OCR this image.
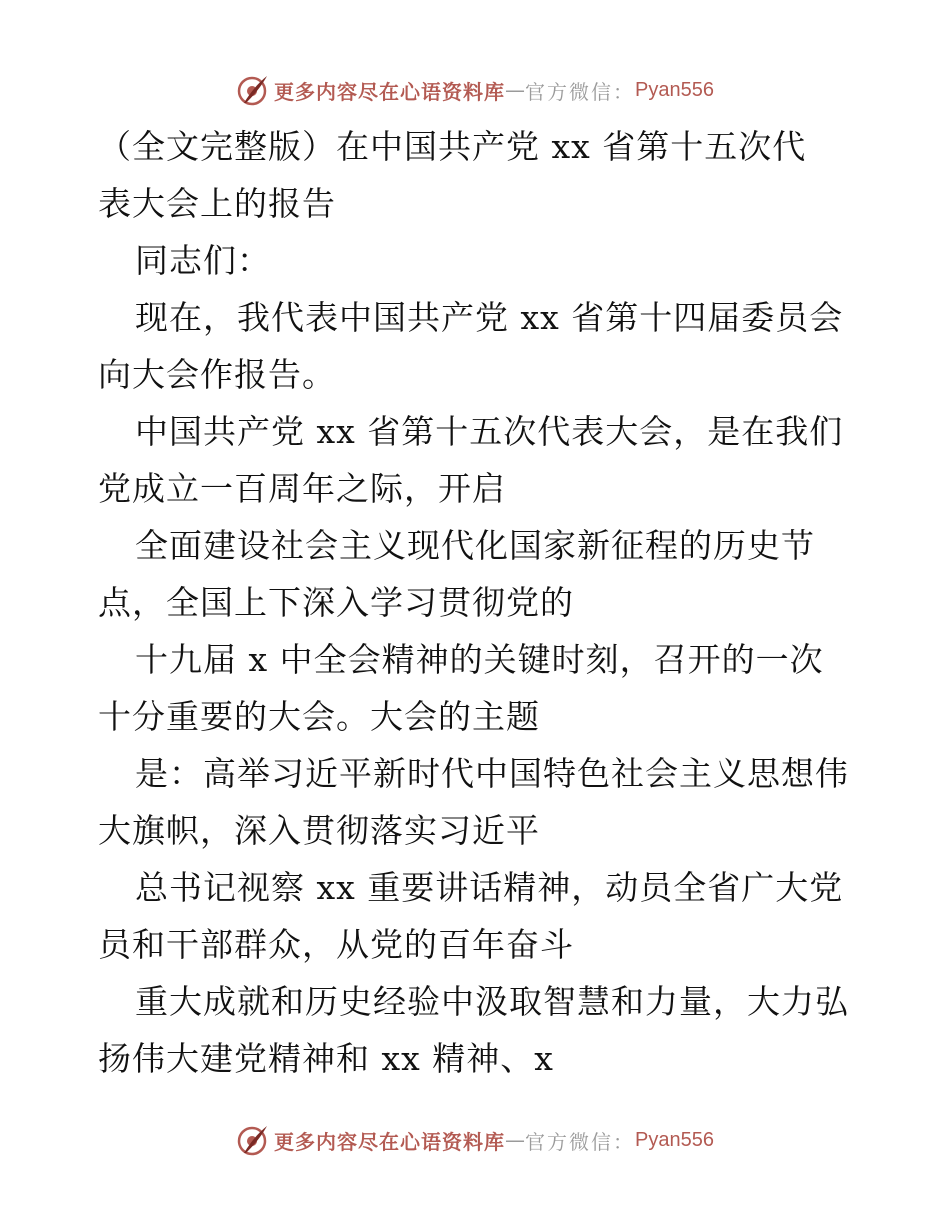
更多内容尽在心语资料库 — 官方微信： Pyan556
（全文完整版）在中国共产党 xx 省第十五次代
表大会上的报告
同志们：
现在，我代表中国共产党 xx 省第十四届委员会
向大会作报告。
中国共产党 xx 省第十五次代表大会，是在我们
党成立一百周年之际，开启
全面建设社会主义现代化国家新征程的历史节
点，全国上下深入学习贯彻党的
十九届 x 中全会精神的关键时刻，召开的一次
十分重要的大会。大会的主题
是：高举习近平新时代中国特色社会主义思想伟
大旗帜，深入贯彻落实习近平
总书记视察 xx 重要讲话精神，动员全省广大党
员和干部群众，从党的百年奋斗
重大成就和历史经验中汲取智慧和力量，大力弘
扬伟大建党精神和 xx 精神、x
更多内容尽在心语资料库 — 官方微信： Pyan556
